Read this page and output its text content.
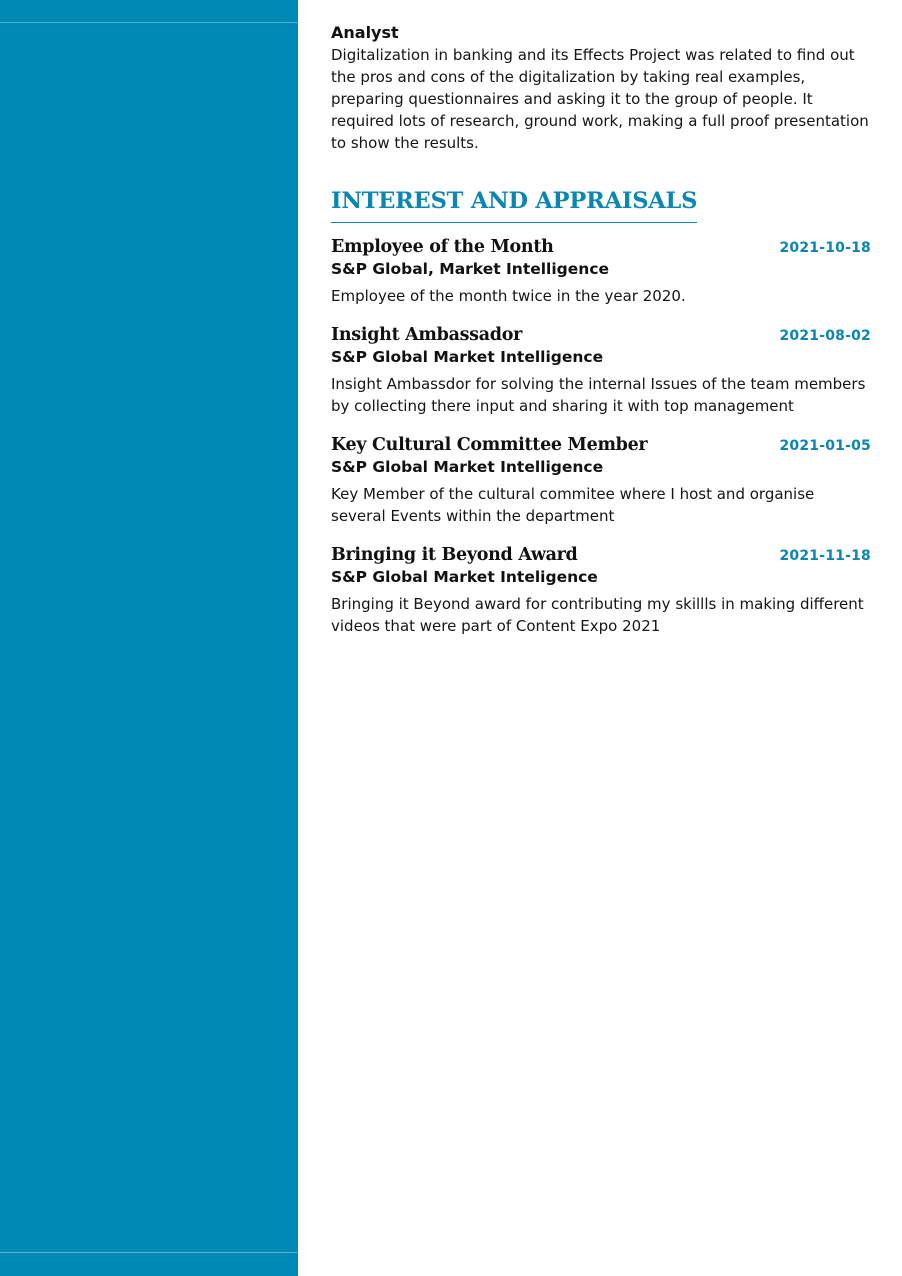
Analyst

Digitalization in banking and its Effects Project was related to find out the pros and cons of the digitalization by taking real examples, preparing questionnaires and asking it to the group of people. It required lots of research, ground work, making a full proof presentation to show the results.

INTEREST AND APPRAISALS
Employee of the Month	2021-10-18
S&P Global, Market Intelligence
Employee of the month twice in the year 2020.
Insight Ambassador	2021-08-02
S&P Global Market Intelligence
Insight Ambassdor for solving the internal Issues of the team members by collecting there input and sharing it with top management
Key Cultural Committee Member	2021-01-05
S&P Global Market Intelligence
Key Member of the cultural commitee where I host and organise several Events within the department
Bringing it Beyond Award	2021-11-18
S&P Global Market Inteligence
Bringing it Beyond award for contributing my skillls in making different videos that were part of Content Expo 2021
